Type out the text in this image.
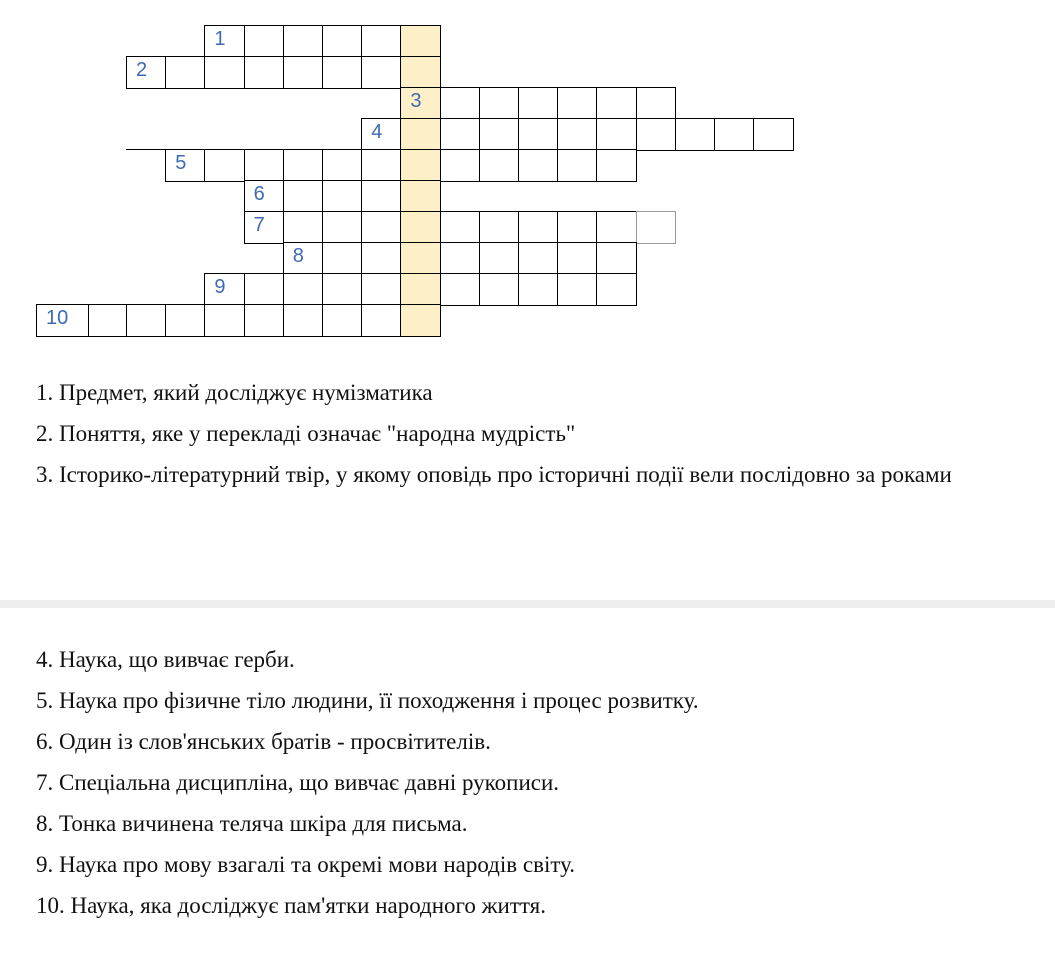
1
2
3
4
5
6
7
8
9
10

1. Предмет, який досліджує нумізматика

2. Поняття, яке у перекладі означає "народна мудрість"

3. Історико-літературний твір, у якому оповідь про історичні події вели послідовно за роками

4. Наука, що вивчає герби.

5. Наука про фізичне тіло людини, її походження і процес розвитку.

6. Один із слов'янських братів - просвітителів.

7. Спеціальна дисципліна, що вивчає давні рукописи.

8. Тонка вичинена теляча шкіра для письма.

9. Наука про мову взагалі та окремі мови народів світу.

10. Наука, яка досліджує пам'ятки народного життя.
